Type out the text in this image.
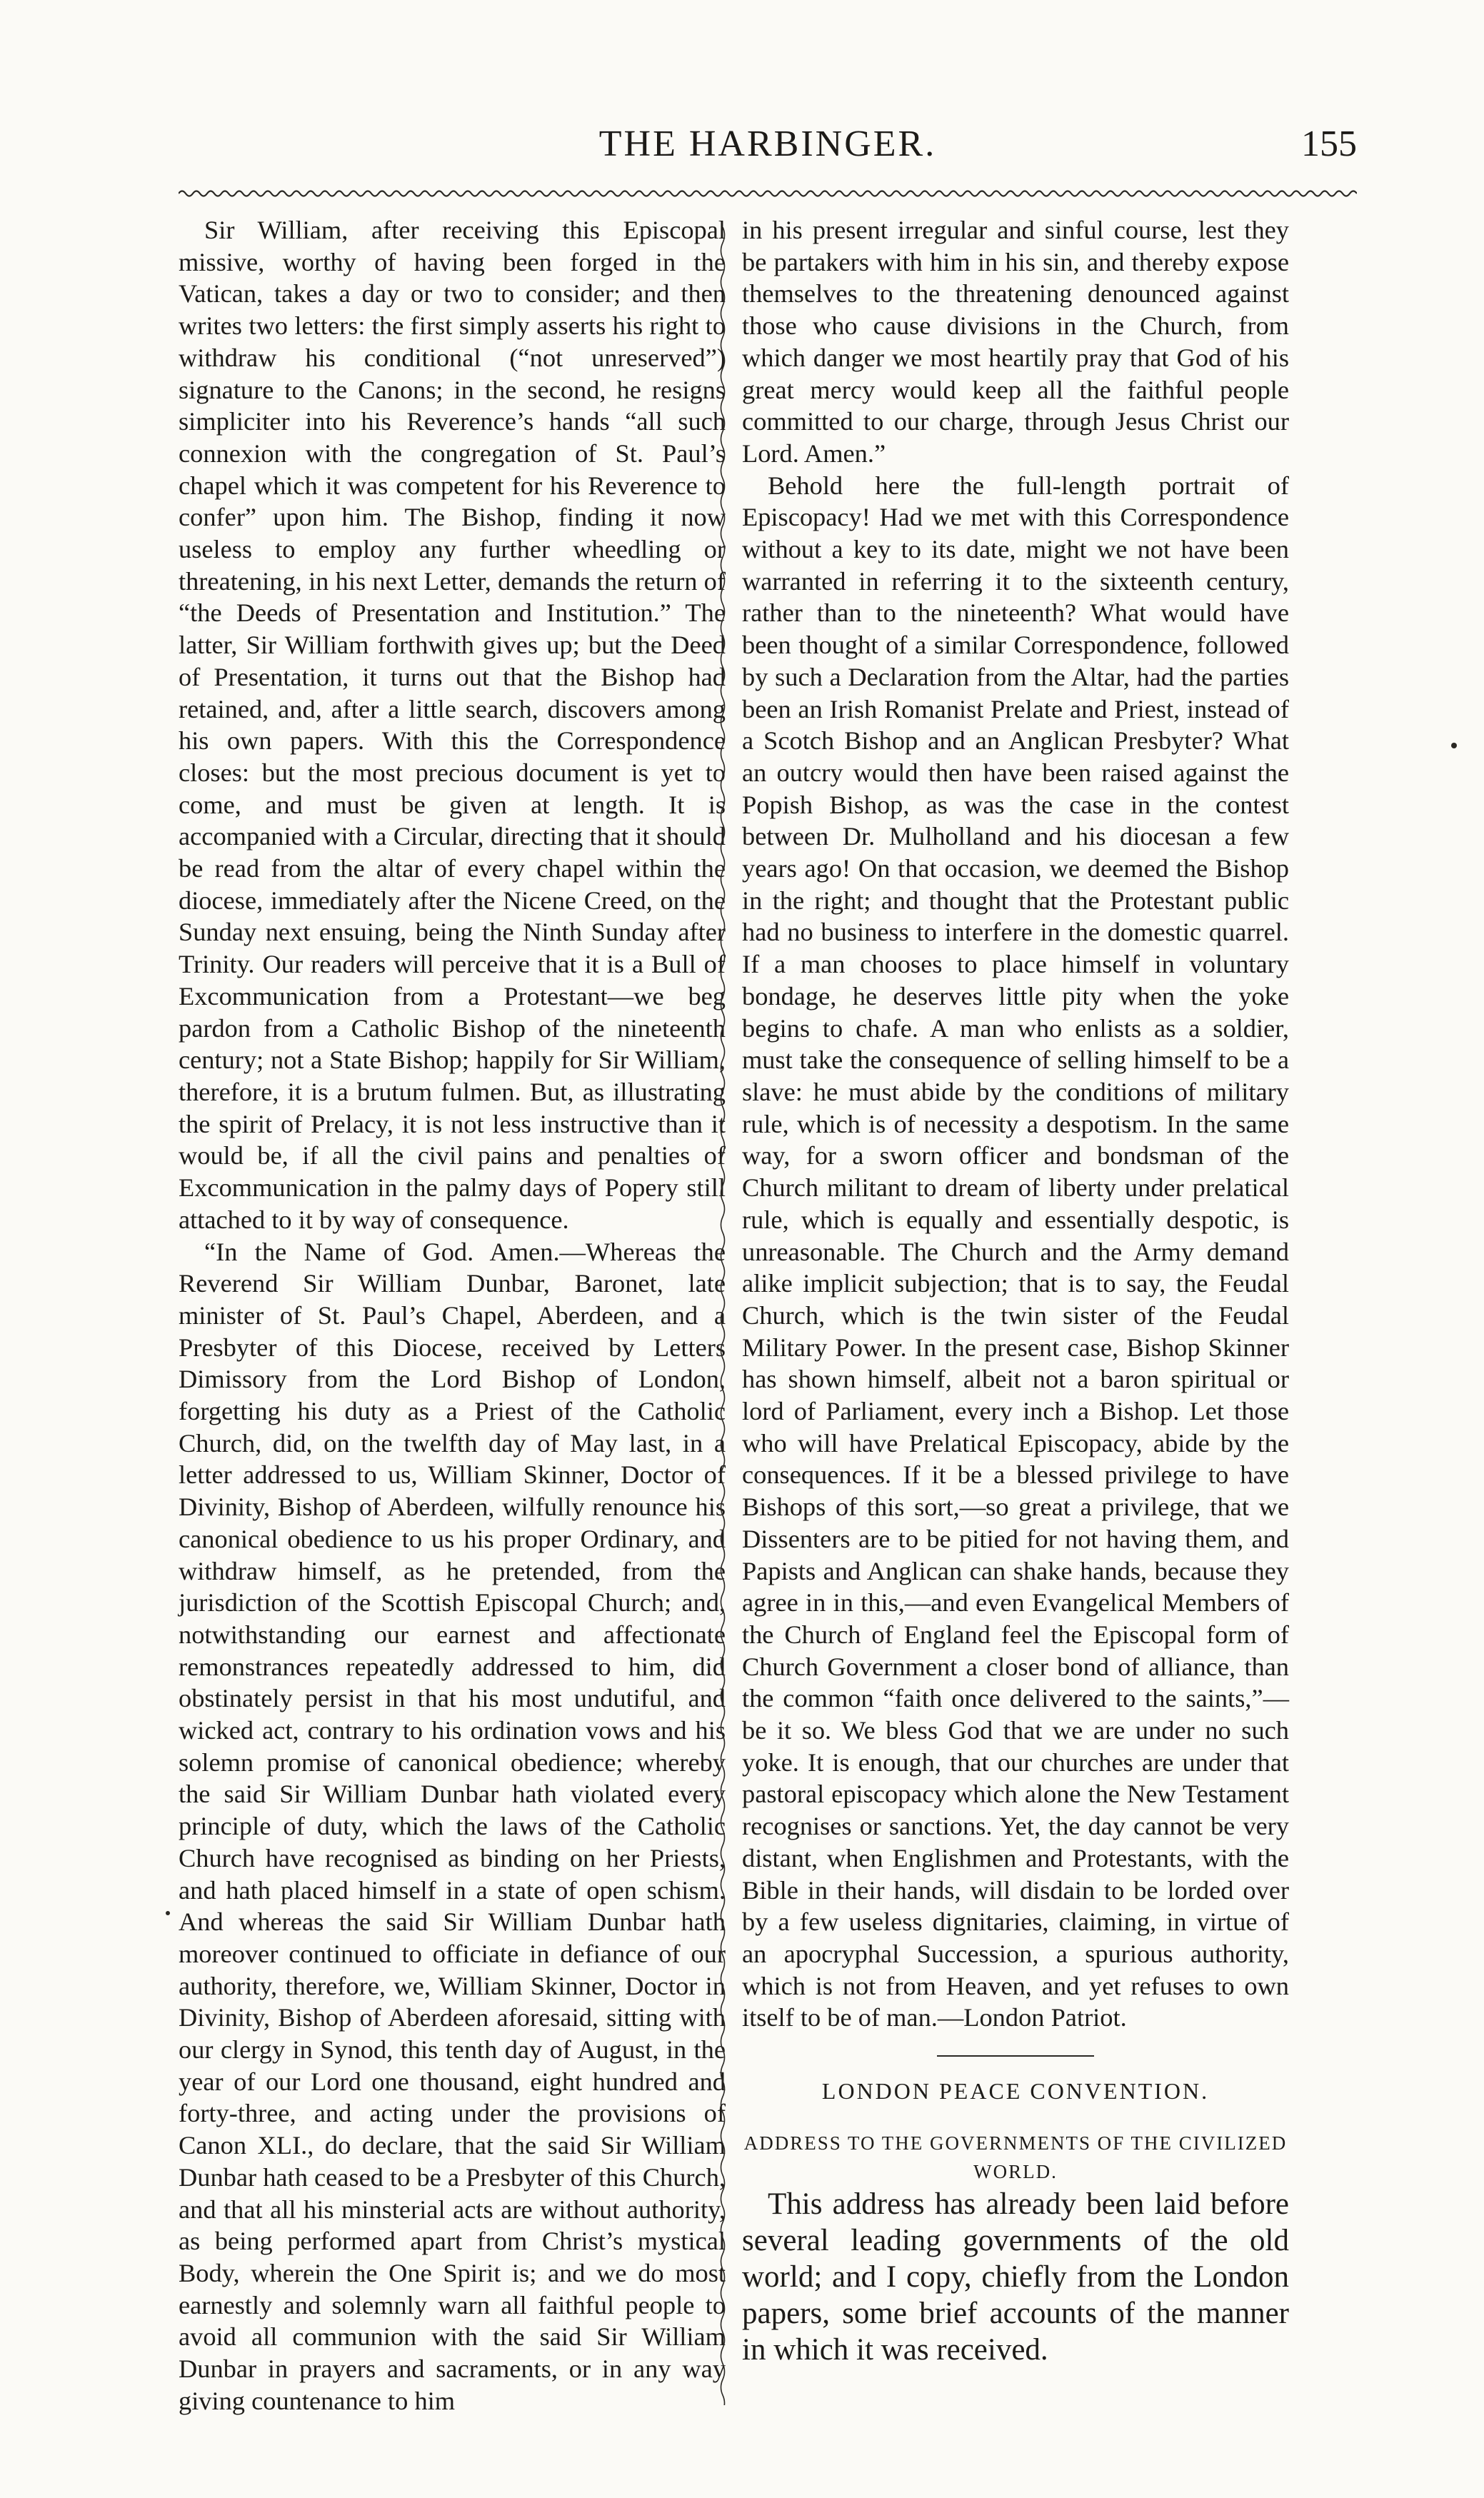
THE HARBINGER.	155

Sir William, after receiving this Episcopal missive, worthy of having been forged in the Vatican, takes a day or two to consider; and then writes two letters: the first simply asserts his right to withdraw his conditional (“not unreserved”) signature to the Canons; in the second, he resigns simpliciter into his Reverence’s hands “all such connexion with the congregation of St. Paul’s chapel which it was competent for his Reverence to confer” upon him. The Bishop, finding it now useless to employ any further wheedling or threatening, in his next Letter, demands the return of “the Deeds of Presentation and Institution.” The latter, Sir William forthwith gives up; but the Deed of Presentation, it turns out that the Bishop had retained, and, after a little search, discovers among his own papers. With this the Correspondence closes: but the most precious document is yet to come, and must be given at length. It is accompanied with a Circular, directing that it should be read from the altar of every chapel within the diocese, immediately after the Nicene Creed, on the Sunday next ensuing, being the Ninth Sunday after Trinity. Our readers will perceive that it is a Bull of Excommunication from a Protestant—we beg pardon from a Catholic Bishop of the nineteenth century; not a State Bishop; happily for Sir William, therefore, it is a brutum fulmen. But, as illustrating the spirit of Prelacy, it is not less instructive than it would be, if all the civil pains and penalties of Excommunication in the palmy days of Popery still attached to it by way of consequence.

“In the Name of God. Amen.—Whereas the Reverend Sir William Dunbar, Baronet, late minister of St. Paul’s Chapel, Aberdeen, and a Presbyter of this Diocese, received by Letters Dimissory from the Lord Bishop of London, forgetting his duty as a Priest of the Catholic Church, did, on the twelfth day of May last, in a letter addressed to us, William Skinner, Doctor of Divinity, Bishop of Aberdeen, wilfully renounce his canonical obedience to us his proper Ordinary, and withdraw himself, as he pretended, from the jurisdiction of the Scottish Episcopal Church; and, notwithstanding our earnest and affectionate remonstrances repeatedly addressed to him, did obstinately persist in that his most undutiful, and wicked act, contrary to his ordination vows and his solemn promise of canonical obedience; whereby the said Sir William Dunbar hath violated every principle of duty, which the laws of the Catholic Church have recognised as binding on her Priests, and hath placed himself in a state of open schism. And whereas the said Sir William Dunbar hath moreover continued to officiate in defiance of our authority, therefore, we, William Skinner, Doctor in Divinity, Bishop of Aberdeen aforesaid, sitting with our clergy in Synod, this tenth day of August, in the year of our Lord one thousand, eight hundred and forty-three, and acting under the provisions of Canon XLI., do declare, that the said Sir William Dunbar hath ceased to be a Presbyter of this Church, and that all his minsterial acts are without authority, as being performed apart from Christ’s mystical Body, wherein the One Spirit is; and we do most earnestly and solemnly warn all faithful people to avoid all communion with the said Sir William Dunbar in prayers and sacraments, or in any way giving countenance to him

in his present irregular and sinful course, lest they be partakers with him in his sin, and thereby expose themselves to the threatening denounced against those who cause divisions in the Church, from which danger we most heartily pray that God of his great mercy would keep all the faithful people committed to our charge, through Jesus Christ our Lord. Amen.”

Behold here the full-length portrait of Episcopacy! Had we met with this Correspondence without a key to its date, might we not have been warranted in referring it to the sixteenth century, rather than to the nineteenth? What would have been thought of a similar Correspondence, followed by such a Declaration from the Altar, had the parties been an Irish Romanist Prelate and Priest, instead of a Scotch Bishop and an Anglican Presbyter? What an outcry would then have been raised against the Popish Bishop, as was the case in the contest between Dr. Mulholland and his diocesan a few years ago! On that occasion, we deemed the Bishop in the right; and thought that the Protestant public had no business to interfere in the domestic quarrel. If a man chooses to place himself in voluntary bondage, he deserves little pity when the yoke begins to chafe. A man who enlists as a soldier, must take the consequence of selling himself to be a slave: he must abide by the conditions of military rule, which is of necessity a despotism. In the same way, for a sworn officer and bondsman of the Church militant to dream of liberty under prelatical rule, which is equally and essentially despotic, is unreasonable. The Church and the Army demand alike implicit subjection; that is to say, the Feudal Church, which is the twin sister of the Feudal Military Power. In the present case, Bishop Skinner has shown himself, albeit not a baron spiritual or lord of Parliament, every inch a Bishop. Let those who will have Prelatical Episcopacy, abide by the consequences. If it be a blessed privilege to have Bishops of this sort,—so great a privilege, that we Dissenters are to be pitied for not having them, and Papists and Anglican can shake hands, because they agree in in this,—and even Evangelical Members of the Church of England feel the Episcopal form of Church Government a closer bond of alliance, than the common “faith once delivered to the saints,”—be it so. We bless God that we are under no such yoke. It is enough, that our churches are under that pastoral episcopacy which alone the New Testament recognises or sanctions. Yet, the day cannot be very distant, when Englishmen and Protestants, with the Bible in their hands, will disdain to be lorded over by a few useless dignitaries, claiming, in virtue of an apocryphal Succession, a spurious authority, which is not from Heaven, and yet refuses to own itself to be of man.—London Patriot.

LONDON PEACE CONVENTION.
ADDRESS TO THE GOVERNMENTS OF THE CIVILIZED WORLD.

This address has already been laid before several leading governments of the old world; and I copy, chiefly from the London papers, some brief accounts of the manner in which it was received.
